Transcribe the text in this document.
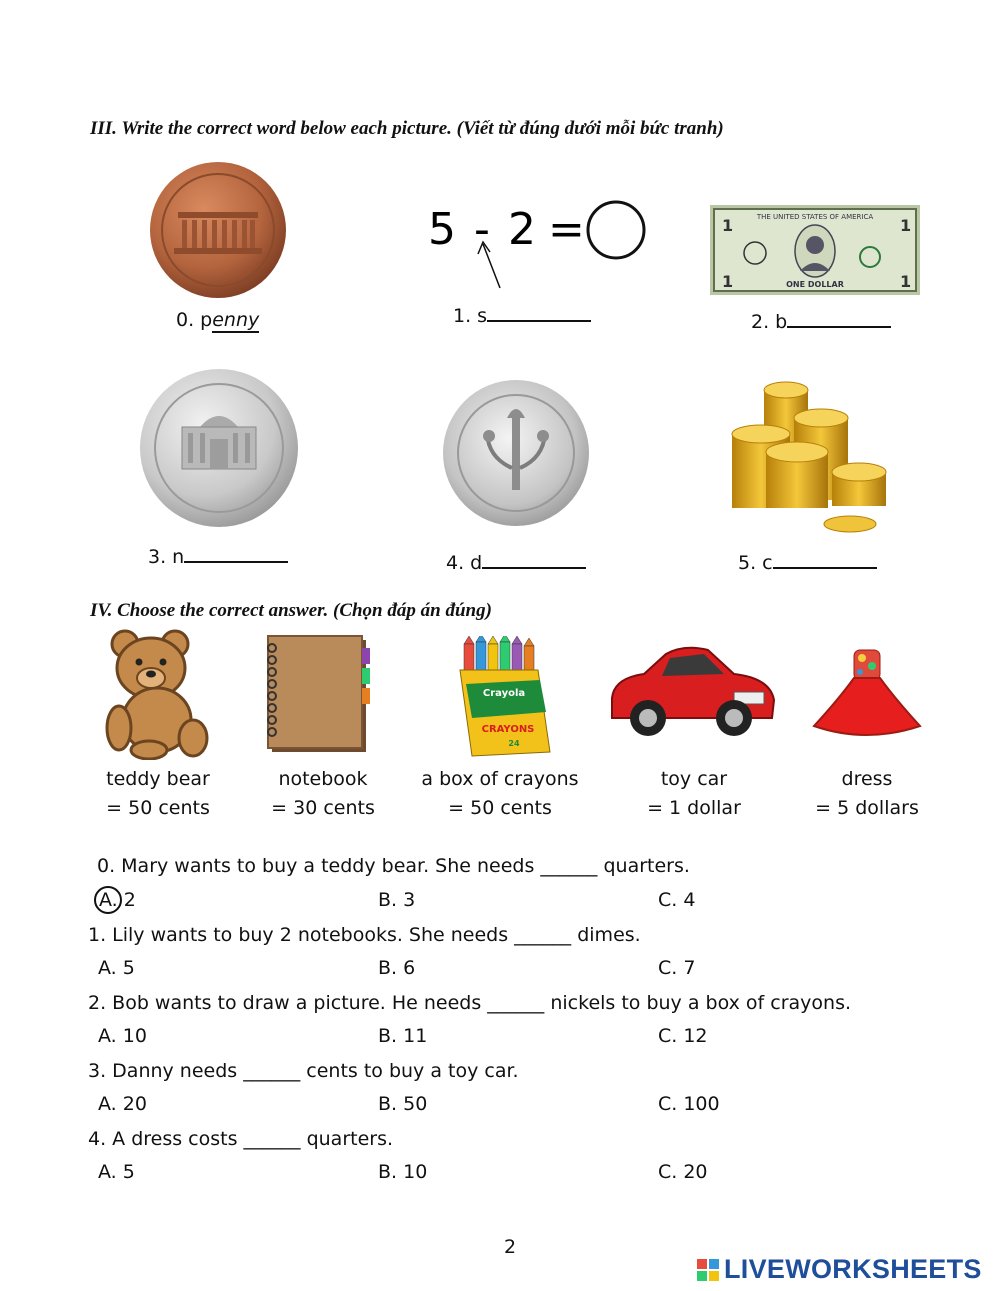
III. Write the correct word below each picture. (Viết từ đúng dưới mỗi bức tranh)
5 - 2 =	THE UNITED STATES OF AMERICA
1	1
1	1
ONE DOLLAR
0. penny	1. s	2. b
3. n	4. d	5. c
IV. Choose the correct answer. (Chọn đáp án đúng)
Crayola
CRAYONS
24
teddy bear
= 50 cents
notebook
= 30 cents
a box of crayons
= 50 cents
toy car
= 1 dollar
dress
= 5 dollars
0. Mary wants to buy a teddy bear. She needs ______ quarters.
A. 2	B. 3	C. 4
1. Lily wants to buy 2 notebooks. She needs ______ dimes.
A. 5	B. 6	C. 7
2. Bob wants to draw a picture. He needs ______ nickels to buy a box of crayons.
A. 10	B. 11	C. 12
3. Danny needs ______ cents to buy a toy car.
A. 20	B. 50	C. 100
4. A dress costs ______ quarters.
A. 5	B. 10	C. 20
2
LIVEWORKSHEETS
